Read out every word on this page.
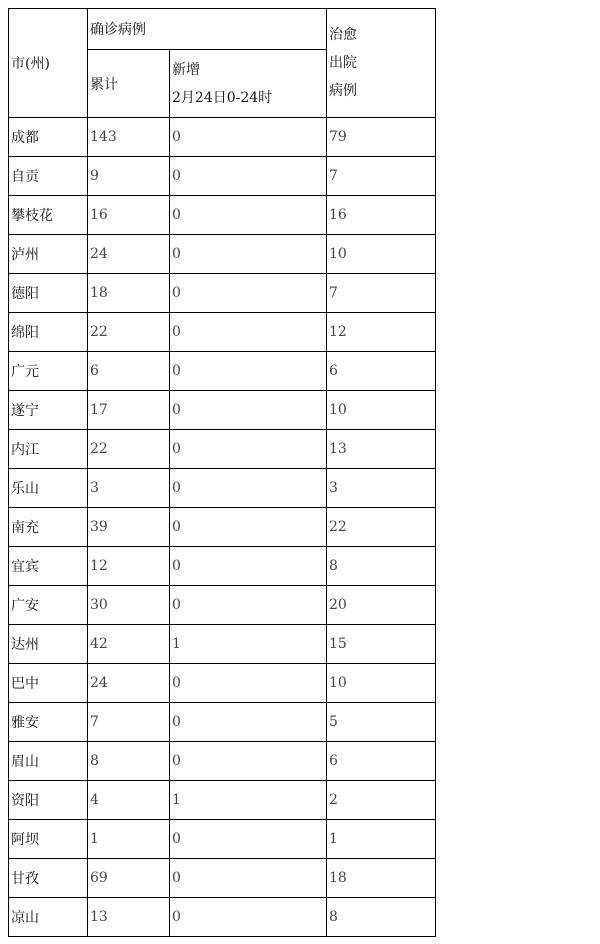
市(州)	确诊病例		治愈
出院
病例

	累计	新增
2月24日0-24时	

成都	143	0	79
自贡	9	0	7
攀枝花	16	0	16
泸州	24	0	10
德阳	18	0	7
绵阳	22	0	12
广元	6	0	6
遂宁	17	0	10
内江	22	0	13
乐山	3	0	3
南充	39	0	22
宜宾	12	0	8
广安	30	0	20
达州	42	1	15
巴中	24	0	10
雅安	7	0	5
眉山	8	0	6
资阳	4	1	2
阿坝	1	0	1
甘孜	69	0	18
凉山	13	0	8
